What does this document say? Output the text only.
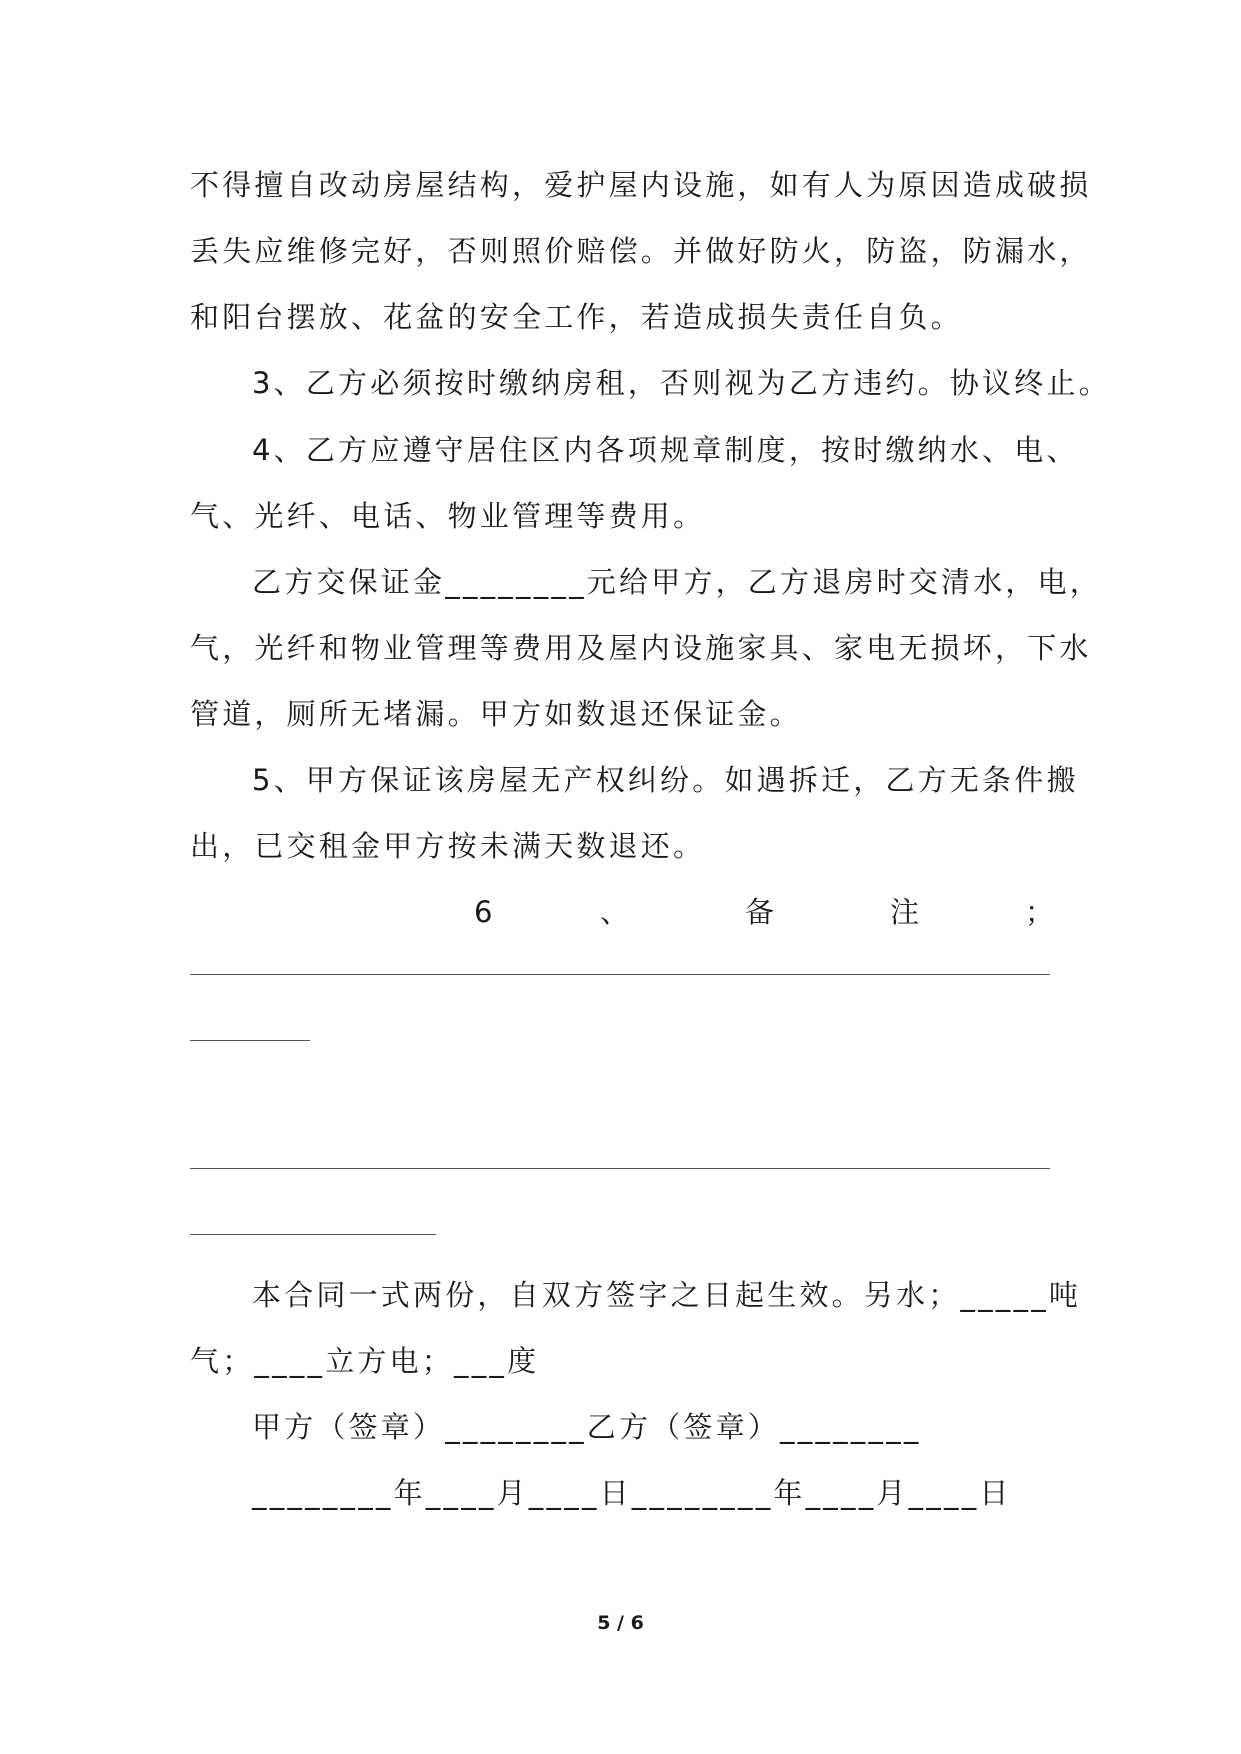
不得擅自改动房屋结构，爱护屋内设施，如有人为原因造成破损
丢失应维修完好，否则照价赔偿。并做好防火，防盗，防漏水，
和阳台摆放、花盆的安全工作，若造成损失责任自负。
3、乙方必须按时缴纳房租，否则视为乙方违约。协议终止。
4、乙方应遵守居住区内各项规章制度，按时缴纳水、电、
气、光纤、电话、物业管理等费用。
乙方交保证金________元给甲方，乙方退房时交清水，电，
气，光纤和物业管理等费用及屋内设施家具、家电无损坏，下水
管道，厕所无堵漏。甲方如数退还保证金。
5、甲方保证该房屋无产权纠纷。如遇拆迁，乙方无条件搬
出，已交租金甲方按未满天数退还。
6	、	备	注	；
本合同一式两份，自双方签字之日起生效。另水；_____吨
气；____立方电；___度
甲方（签章）________乙方（签章）________
________年____月____日________年____月____日
5 / 6
